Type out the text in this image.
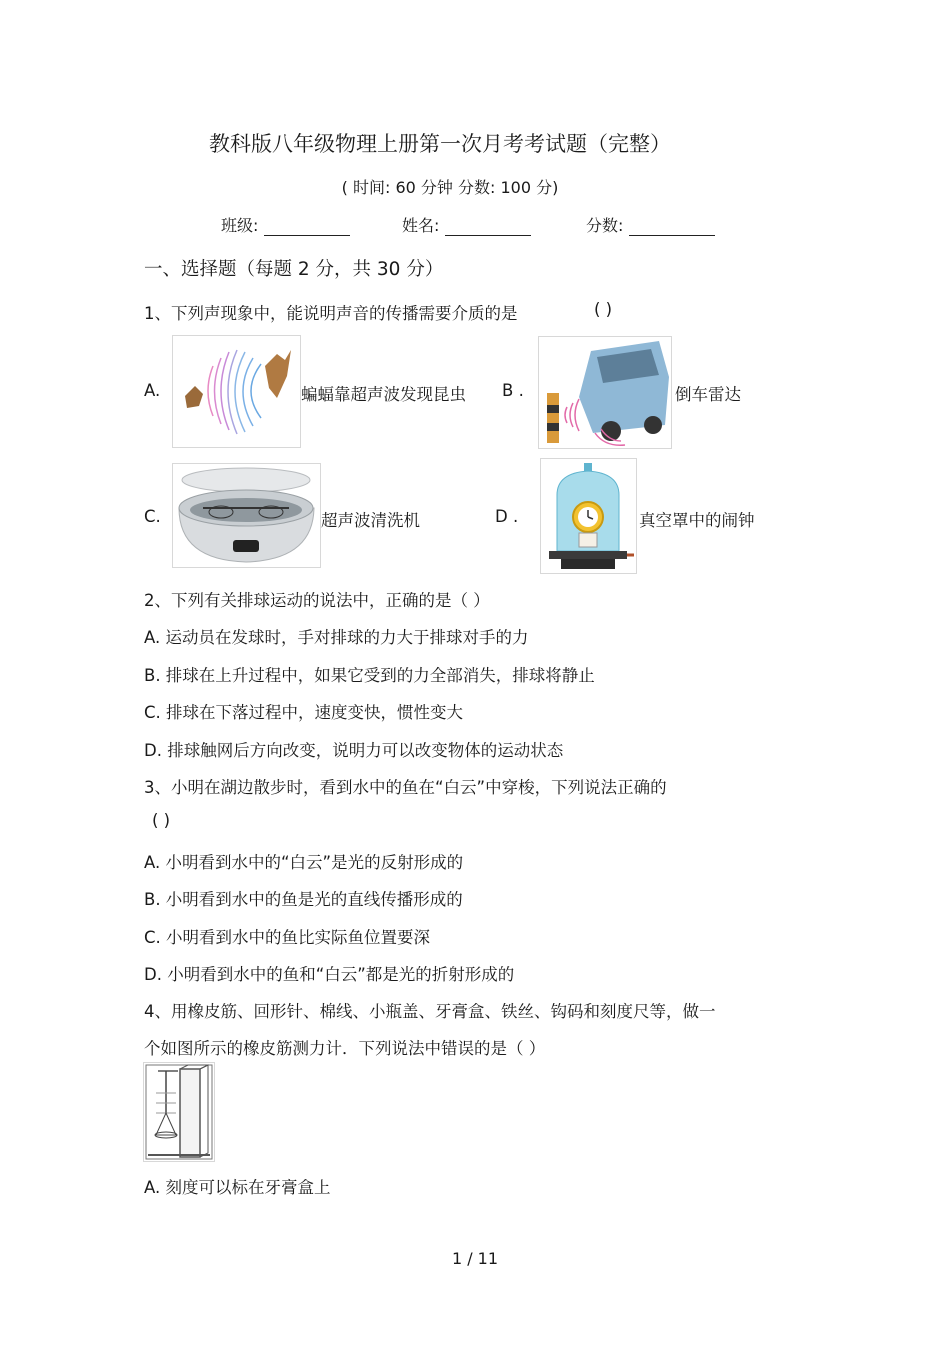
教科版八年级物理上册第一次月考考试题（完整）
( 时间: 60 分钟 分数: 100 分)
班级:	姓名:	分数:
一、选择题（每题 2 分，共 30 分）
1、下列声现象中，能说明声音的传播需要介质的是	( )
A.	蝙蝠靠超声波发现昆虫 B .	倒车雷达
C.	超声波清洗机	D .	真空罩中的闹钟
2、下列有关排球运动的说法中，正确的是（ ）
A. 运动员在发球时，手对排球的力大于排球对手的力
B. 排球在上升过程中，如果它受到的力全部消失，排球将静止
C. 排球在下落过程中，速度变快，惯性变大
D. 排球触网后方向改变，说明力可以改变物体的运动状态
3、小明在湖边散步时，看到水中的鱼在“白云”中穿梭，下列说法正确的
( )
A. 小明看到水中的“白云”是光的反射形成的
B. 小明看到水中的鱼是光的直线传播形成的
C. 小明看到水中的鱼比实际鱼位置要深
D. 小明看到水中的鱼和“白云”都是光的折射形成的
4、用橡皮筋、回形针、棉线、小瓶盖、牙膏盒、铁丝、钩码和刻度尺等，做一
个如图所示的橡皮筋测力计．下列说法中错误的是（ ）
A. 刻度可以标在牙膏盒上
1 / 11
